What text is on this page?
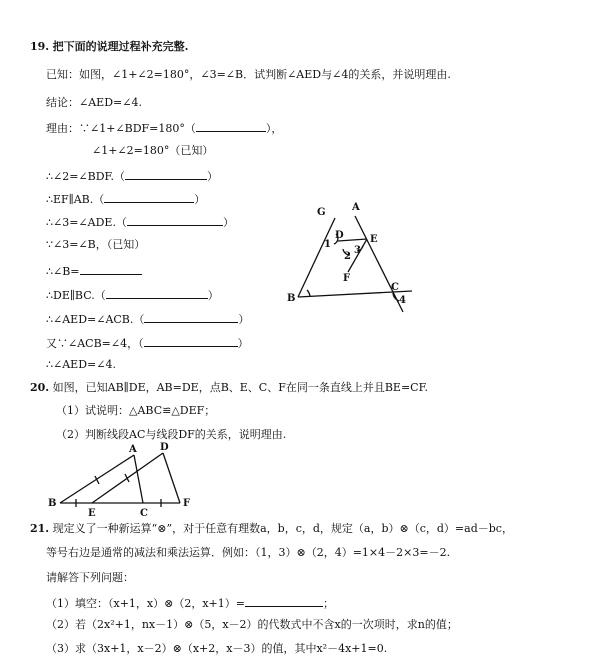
19. 把下面的说理过程补充完整.
已知：如图，∠1+∠2=180°，∠3=∠B．试判断∠AED与∠4的关系，并说明理由.
结论：∠AED=∠4.
理由：∵∠1+∠BDF=180°（	），
∠1+∠2=180°（已知）
∴∠2=∠BDF.（	）
∴EF∥AB.（	）
∴∠3=∠ADE.（	）
∵∠3=∠B，（已知）
∴∠B=
∴DE∥BC.（	）
∴∠AED=∠ACB.（	）
又∵∠ACB=∠4，（	）
∴∠AED=∠4.
G	A
1
D	E
3
2
F
B
C
4
20. 如图，已知AB∥DE，AB=DE，点B、E、C、F在同一条直线上并且BE=CF.
（1）试说明：△ABC≌△DEF；
（2）判断线段AC与线段DF的关系，说明理由.
A D
B
E	C
F
21. 现定义了一种新运算“⊗”，对于任意有理数a，b，c，d，规定（a，b）⊗（c，d）=ad－bc，
等号右边是通常的减法和乘法运算．例如：（1，3）⊗（2，4）=1×4－2×3=－2.
请解答下列问题：
（1）填空：（x+1，x）⊗（2，x+1）=	；
（2）若（2x²+1，nx－1）⊗（5，x－2）的代数式中不含x的一次项时，求n的值；
（3）求（3x+1，x－2）⊗（x+2，x－3）的值，其中x²－4x+1=0.
